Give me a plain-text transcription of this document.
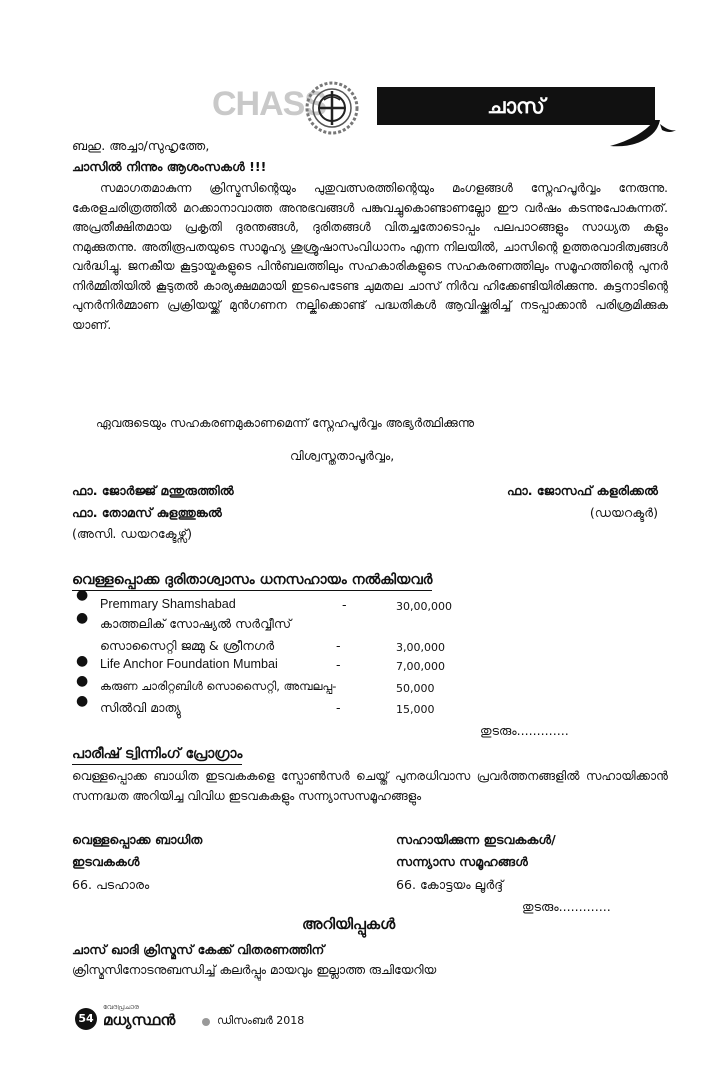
CHASS	ചാസ്
ബഹു. അച്ചാ/സുഹൃത്തേ,
ചാസിൽ നിന്നും ആശംസകൾ !!!
സമാഗതമാകുന്ന ക്രിസ്മസിന്റെയും പുതുവത്സരത്തിന്റെയും മംഗളങ്ങൾ സ്നേഹപൂർവ്വം നേരുന്നു. കേരളചരിത്രത്തിൽ മറക്കാനാവാത്ത അനുഭവങ്ങൾ പങ്കുവച്ചുകൊണ്ടാണല്ലോ ഈ വർഷം കടന്നുപോകുന്നത്. അപ്രതീക്ഷിതമായ പ്രകൃതി ദുരന്തങ്ങൾ, ദുരിതങ്ങൾ വിതച്ചതോടൊപ്പം പലപാഠങ്ങളും സാധ്യത കളും നമുക്കുതന്നു. അതിരൂപതയുടെ സാമൂഹ്യ ശുശ്രൂഷാസംവിധാനം എന്ന നിലയിൽ, ചാസിന്റെ ഉത്തരവാദിത്വങ്ങൾ വർദ്ധിച്ചു. ജനകീയ കൂട്ടായ്മകളുടെ പിൻബലത്തിലും സഹകാരികളുടെ സഹകരണത്തിലും സമൂഹത്തിന്റെ പുനർ നിർമ്മിതിയിൽ കൂടുതൽ കാര്യക്ഷമമായി ഇടപെടേണ്ട ചുമതല ചാസ് നിർവ ഹിക്കേണ്ടിയിരിക്കുന്നു. കുട്ടനാടിന്റെ പുനർനിർമ്മാണ പ്രക്രിയയ്ക്ക് മുൻഗണന നല്കിക്കൊണ്ട് പദ്ധതികൾ ആവിഷ്ക്കരിച്ച് നടപ്പാക്കാൻ പരിശ്രമിക്കുക യാണ്.
ഏവരുടെയും സഹകരണമുകാണമെന്ന് സ്നേഹപൂർവ്വം അഭ്യർത്ഥിക്കുന്നു
വിശ്വസ്തതാപൂർവ്വം,
ഫാ. ജോർജ്ജ് മന്തുരുത്തിൽ
ഫാ. തോമസ് കുളത്തുങ്കൽ
(അസി. ഡയറക്ടേഴ്സ്)
ഫാ. ജോസഫ് കളരിക്കൽ
(ഡയറക്ടർ)
വെള്ളപ്പൊക്ക ദുരിതാശ്വാസം ധനസഹായം നൽകിയവർ
●
Premmary Shamshabad	-	30,00,000
● കാത്തലിക് സോഷ്യൽ സർവ്വീസ്
സൊസൈറ്റി ജമ്മു & ശ്രീനഗർ	-	3,00,000
● Life Anchor Foundation Mumbai	-	7,00,000
● കരുണ ചാരിറ്റബിൾ സൊസൈറ്റി, അമ്പലപ്പ-	50,000
● സിൽവി മാത്യു	-	15,000
തുടരും.............
പാരീഷ് ട്വിന്നിംഗ് പ്രോഗ്രാം
വെള്ളപ്പൊക്ക ബാധിത ഇടവകകളെ സ്പോൺസർ ചെയ്ത് പുനരധിവാസ പ്രവർത്തനങ്ങളിൽ സഹായിക്കാൻ സന്നദ്ധത അറിയിച്ച വിവിധ ഇടവകകളും സന്ന്യാസസമൂഹങ്ങളും
വെള്ളപ്പൊക്ക ബാധിത
ഇടവകകൾ
സഹായിക്കുന്ന ഇടവകകൾ/
സന്ന്യാസ സമൂഹങ്ങൾ
66. പടഹാരം	66. കോട്ടയം ലൂർദ്ദ്
തുടരും.............
അറിയിപ്പുകൾ
ചാസ് ഖാദി ക്രിസ്മസ് കേക്ക് വിതരണത്തിന്
ക്രിസ്മസിനോടനുബന്ധിച്ച് കലർപ്പും മായവും ഇല്ലാത്ത രുചിയേറിയ
54
വേദപ്രചാര
മധ്യസ്ഥൻ	ഡിസംബർ 2018
